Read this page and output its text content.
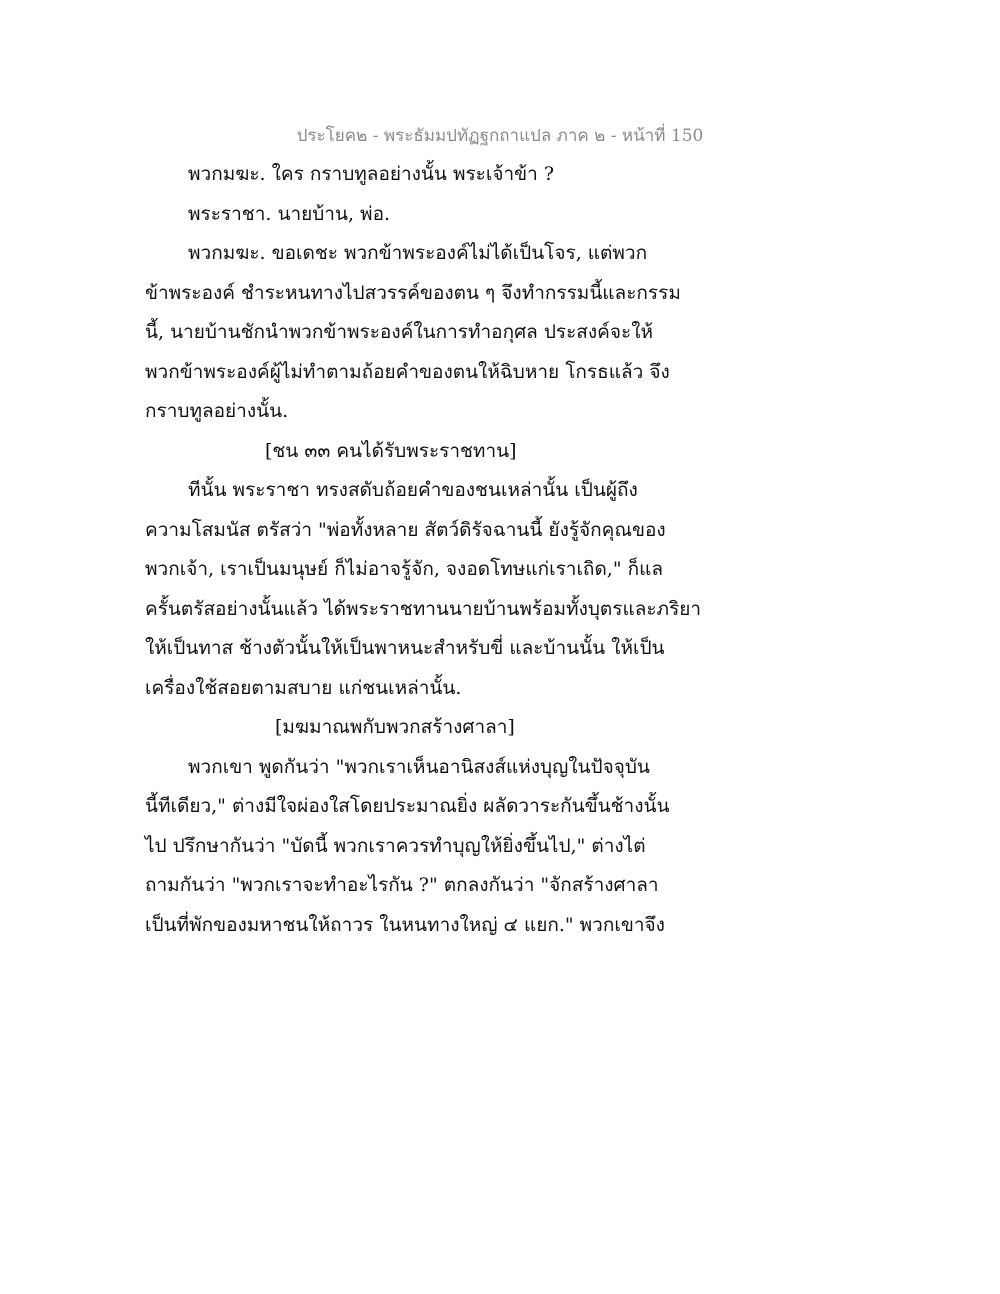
ประโยค๒ - พระธัมมปทัฏฐกถาแปล ภาค ๒ - หน้าที่ 150
พวกมฆะ. ใคร กราบทูลอย่างนั้น พระเจ้าข้า ?
พระราชา. นายบ้าน, พ่อ.
พวกมฆะ. ขอเดชะ พวกข้าพระองค์ไม่ได้เป็นโจร, แต่พวก
ข้าพระองค์ ชำระหนทางไปสวรรค์ของตน ๆ จึงทำกรรมนี้และกรรม
นี้, นายบ้านชักนำพวกข้าพระองค์ในการทำอกุศล ประสงค์จะให้
พวกข้าพระองค์ผู้ไม่ทำตามถ้อยคำของตนให้ฉิบหาย โกรธแล้ว จึง
กราบทูลอย่างนั้น.
[ชน ๓๓ คนได้รับพระราชทาน]
ทีนั้น พระราชา ทรงสดับถ้อยคำของชนเหล่านั้น เป็นผู้ถึง
ความโสมนัส ตรัสว่า "พ่อทั้งหลาย สัตว์ดิรัจฉานนี้ ยังรู้จักคุณของ
พวกเจ้า, เราเป็นมนุษย์ ก็ไม่อาจรู้จัก, จงอดโทษแก่เราเถิด," ก็แล
ครั้นตรัสอย่างนั้นแล้ว ได้พระราชทานนายบ้านพร้อมทั้งบุตรและภริยา
ให้เป็นทาส ช้างตัวนั้นให้เป็นพาหนะสำหรับขี่ และบ้านนั้น ให้เป็น
เครื่องใช้สอยตามสบาย แก่ชนเหล่านั้น.
[มฆมาณพกับพวกสร้างศาลา]
พวกเขา พูดกันว่า "พวกเราเห็นอานิสงส์แห่งบุญในปัจจุบัน
นี้ทีเดียว," ต่างมีใจผ่องใสโดยประมาณยิ่ง ผลัดวาระกันขึ้นช้างนั้น
ไป ปรึกษากันว่า "บัดนี้ พวกเราควรทำบุญให้ยิ่งขึ้นไป," ต่างไต่
ถามกันว่า "พวกเราจะทำอะไรกัน ?" ตกลงกันว่า "จักสร้างศาลา
เป็นที่พักของมหาชนให้ถาวร ในหนทางใหญ่ ๔ แยก." พวกเขาจึง
